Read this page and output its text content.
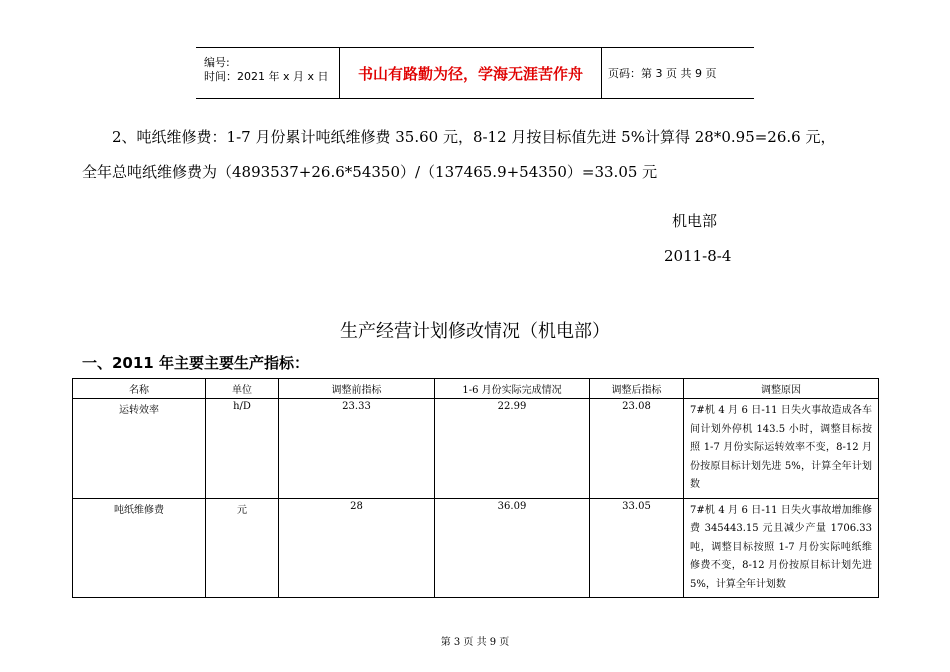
编号:
时间：2021 年 x 月 x 日 书山有路勤为径，学海无涯苦作舟	页码：第 3 页 共 9 页
2、吨纸维修费：1-7 月份累计吨纸维修费 35.60 元，8-12 月按目标值先进 5%计算得 28*0.95=26.6 元，
全年总吨纸维修费为（4893537+26.6*54350）/（137465.9+54350）=33.05 元
机电部
2011-8-4
生产经营计划修改情况（机电部）
一、2011 年主要主要生产指标：
名称	单位	调整前指标	1-6 月份实际完成情况	调整后指标	调整原因
运转效率	h/D	23.33	22.99	23.08	7#机 4 月 6 日-11 日失火事故造成各车间计划外停机 143.5 小时，调整目标按照 1-7 月份实际运转效率不变，8-12 月份按原目标计划先进 5%，计算全年计划数
吨纸维修费	元	28	36.09	33.05	7#机 4 月 6 日-11 日失火事故增加维修费 345443.15 元且减少产量 1706.33 吨，调整目标按照 1-7 月份实际吨纸维修费不变，8-12 月份按原目标计划先进 5%，计算全年计划数
第 3 页 共 9 页
